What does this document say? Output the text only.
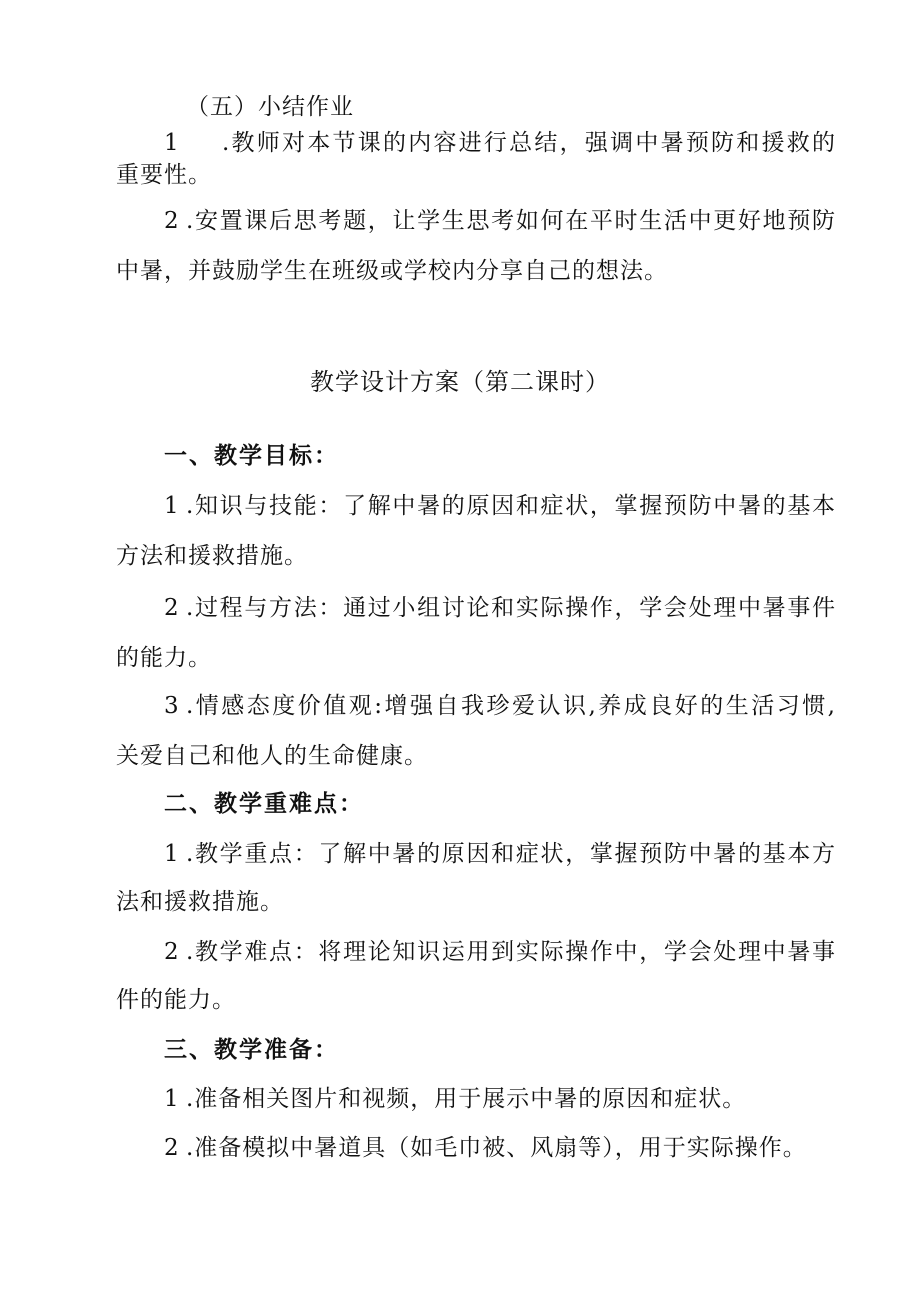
（五）小结作业
1 .教师对本节课的内容进行总结，强调中暑预防和援救的
重要性。
2 .安置课后思考题，让学生思考如何在平时生活中更好地预防
中暑，并鼓励学生在班级或学校内分享自己的想法。
教学设计方案（第二课时）
一、教学目标：
1 .知识与技能：了解中暑的原因和症状，掌握预防中暑的基本
方法和援救措施。
2 .过程与方法：通过小组讨论和实际操作，学会处理中暑事件
的能力。
3 .情感态度价值观:增强自我珍爱认识,养成良好的生活习惯,
关爱自己和他人的生命健康。
二、教学重难点：
1 .教学重点：了解中暑的原因和症状，掌握预防中暑的基本方
法和援救措施。
2 .教学难点：将理论知识运用到实际操作中，学会处理中暑事
件的能力。
三、教学准备：
1 .准备相关图片和视频，用于展示中暑的原因和症状。
2 .准备模拟中暑道具（如毛巾被、风扇等），用于实际操作。
